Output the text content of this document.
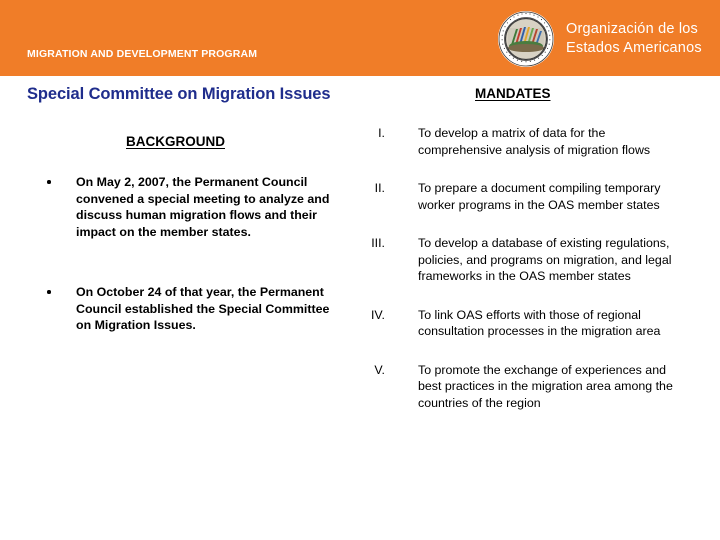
MIGRATION AND DEVELOPMENT PROGRAM
Organización de los
Estados Americanos
Special Committee on Migration Issues
BACKGROUND
On May 2, 2007, the Permanent Council convened a special meeting to analyze and discuss human migration flows and their impact on the member states.
On October 24 of that year, the Permanent Council established the Special Committee on Migration Issues.
MANDATES
I.	To develop a matrix of data for the comprehensive analysis of migration flows
II.	To prepare a document compiling temporary worker programs in the OAS member states
III.	To develop a database of existing regulations, policies, and programs on migration, and legal frameworks in the OAS member states
IV.	To link OAS efforts with those of regional consultation processes in the migration area
V.	To promote the exchange of experiences and best practices in the migration area among the countries of the region
